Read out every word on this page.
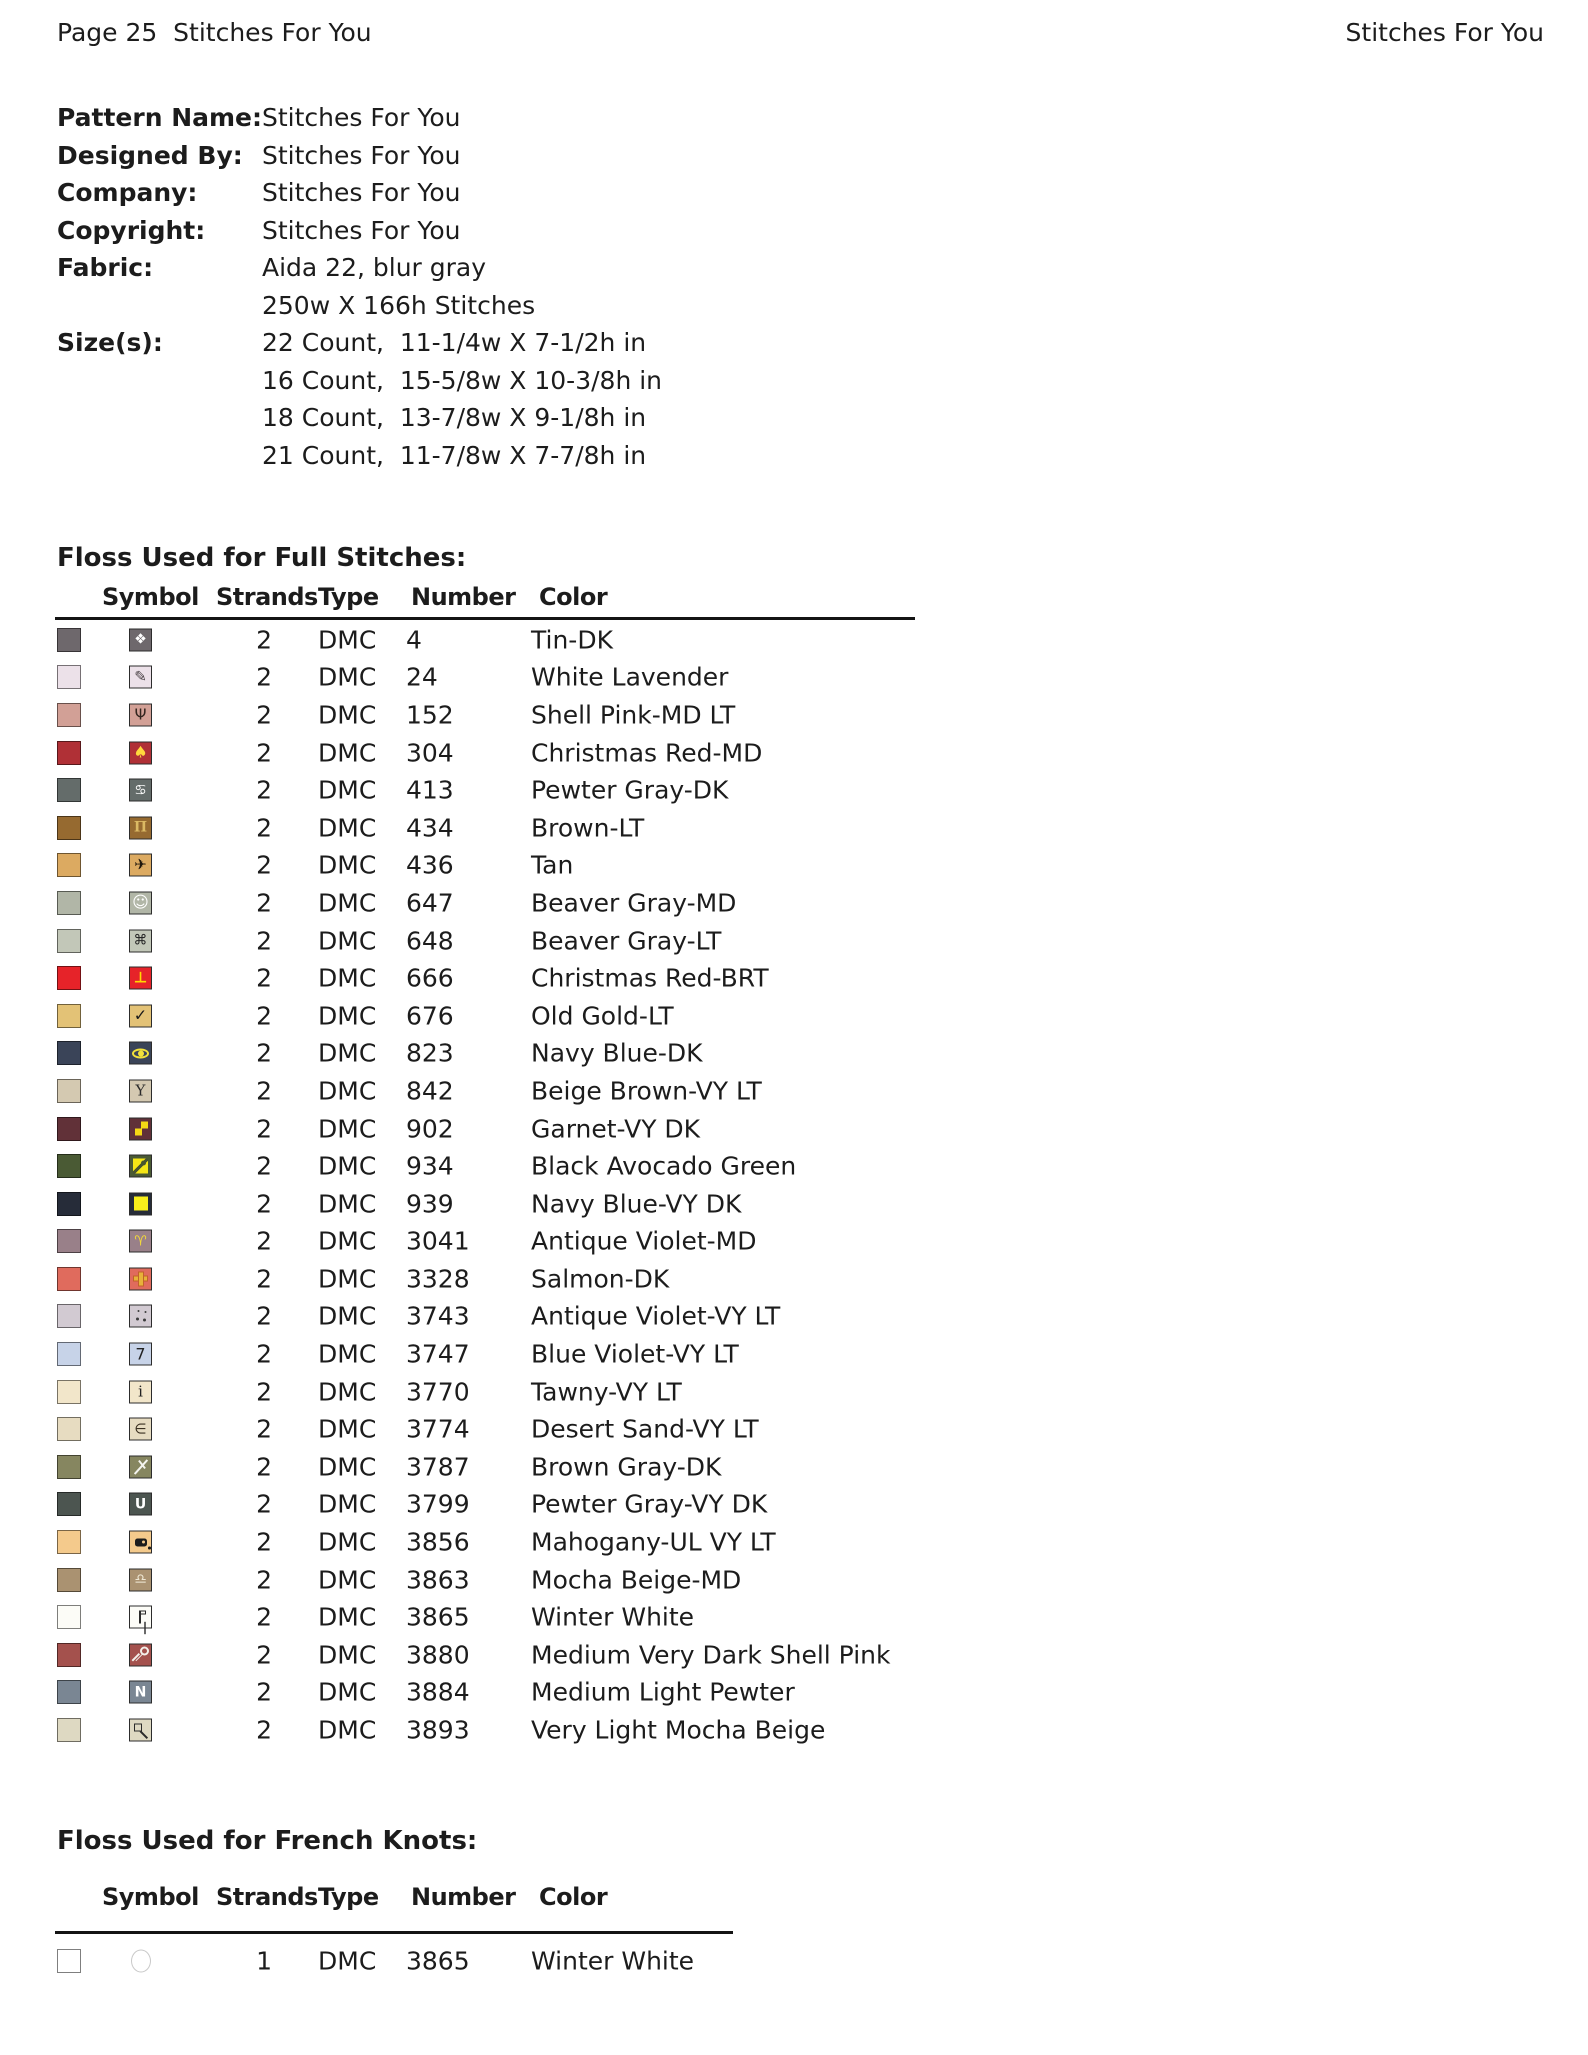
Page 25  Stitches For You	Stitches For You
Pattern Name: Stitches For You
Designed By: Stitches For You
Company:	Stitches For You
Copyright:	Stitches For You
Fabric:	Aida 22, blur gray
250w X 166h Stitches
Size(s):	22 Count,  11-1/4w X 7-1/2h in
16 Count,  15-5/8w X 10-3/8h in
18 Count,  13-7/8w X 9-1/8h in
21 Count,  11-7/8w X 7-7/8h in
Floss Used for Full Stitches:
Symbol Strands Type Number Color
❖	2 DMC 4	Tin-DK
✎	2 DMC 24	White Lavender
Ψ	2 DMC 152	Shell Pink-MD LT
♠	2 DMC 304	Christmas Red-MD
♋	2 DMC 413	Pewter Gray-DK
Π	2 DMC 434	Brown-LT
✈	2 DMC 436	Tan
☺	2 DMC 647	Beaver Gray-MD
⌘	2 DMC 648	Beaver Gray-LT
⊥	2 DMC 666	Christmas Red-BRT
✓	2 DMC 676	Old Gold-LT
2 DMC 823	Navy Blue-DK
Y	2 DMC 842	Beige Brown-VY LT
2 DMC 902	Garnet-VY DK
2 DMC 934	Black Avocado Green
2 DMC 939	Navy Blue-VY DK
♈	2 DMC 3041 Antique Violet-MD
2 DMC 3328 Salmon-DK
2 DMC 3743 Antique Violet-VY LT
7	2 DMC 3747 Blue Violet-VY LT
i	2 DMC 3770 Tawny-VY LT
∈	2 DMC 3774 Desert Sand-VY LT
2 DMC 3787 Brown Gray-DK
U	2 DMC 3799 Pewter Gray-VY DK
2 DMC 3856 Mahogany-UL VY LT
♎	2 DMC 3863 Mocha Beige-MD
2 DMC 3865 Winter White
2 DMC 3880 Medium Very Dark Shell Pink
N	2 DMC 3884 Medium Light Pewter
2 DMC 3893 Very Light Mocha Beige
Floss Used for French Knots:
Symbol Strands Type Number Color
1 DMC 3865 Winter White
